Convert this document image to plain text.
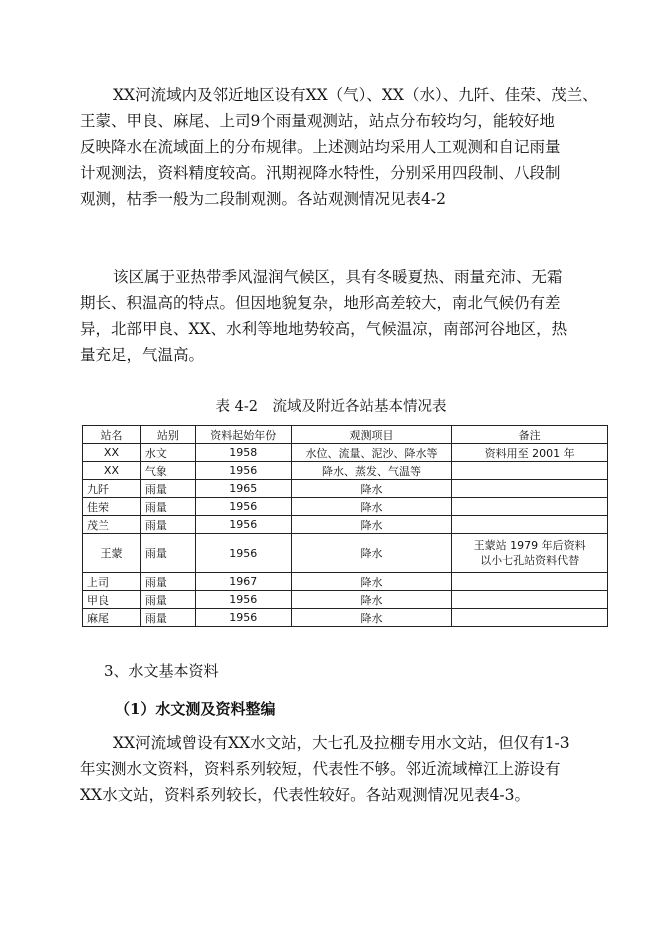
XX河流域内及邻近地区设有XX（气）、XX（水）、九阡、佳荣、茂兰、
王蒙、甲良、麻尾、上司9个雨量观测站，站点分布较均匀，能较好地
反映降水在流域面上的分布规律。上述测站均采用人工观测和自记雨量
计观测法，资料精度较高。汛期视降水特性，分别采用四段制、八段制
观测，枯季一般为二段制观测。各站观测情况见表4-2
该区属于亚热带季风湿润气候区，具有冬暖夏热、雨量充沛、无霜
期长、积温高的特点。但因地貌复杂，地形高差较大，南北气候仍有差
异，北部甲良、XX、水利等地地势较高，气候温凉，南部河谷地区，热
量充足，气温高。
表 4-2　流域及附近各站基本情况表
站名	站别	资料起始年份	观测项目	备注
XX	水文	1958	水位、流量、泥沙、降水等	资料用至 2001 年
XX	气象	1956	降水、蒸发、气温等	
九阡	雨量	1965	降水	
佳荣	雨量	1956	降水	
茂兰	雨量	1956	降水	
王蒙	雨量	1956	降水	王蒙站 1979 年后资料
以小七孔站资料代替

上司	雨量	1967	降水	
甲良	雨量	1956	降水	
麻尾	雨量	1956	降水	
3、水文基本资料
（1）水文测及资料整编
XX河流域曾设有XX水文站，大七孔及拉棚专用水文站，但仅有1-3
年实测水文资料，资料系列较短，代表性不够。邻近流域樟江上游设有
XX水文站，资料系列较长，代表性较好。各站观测情况见表4-3。
